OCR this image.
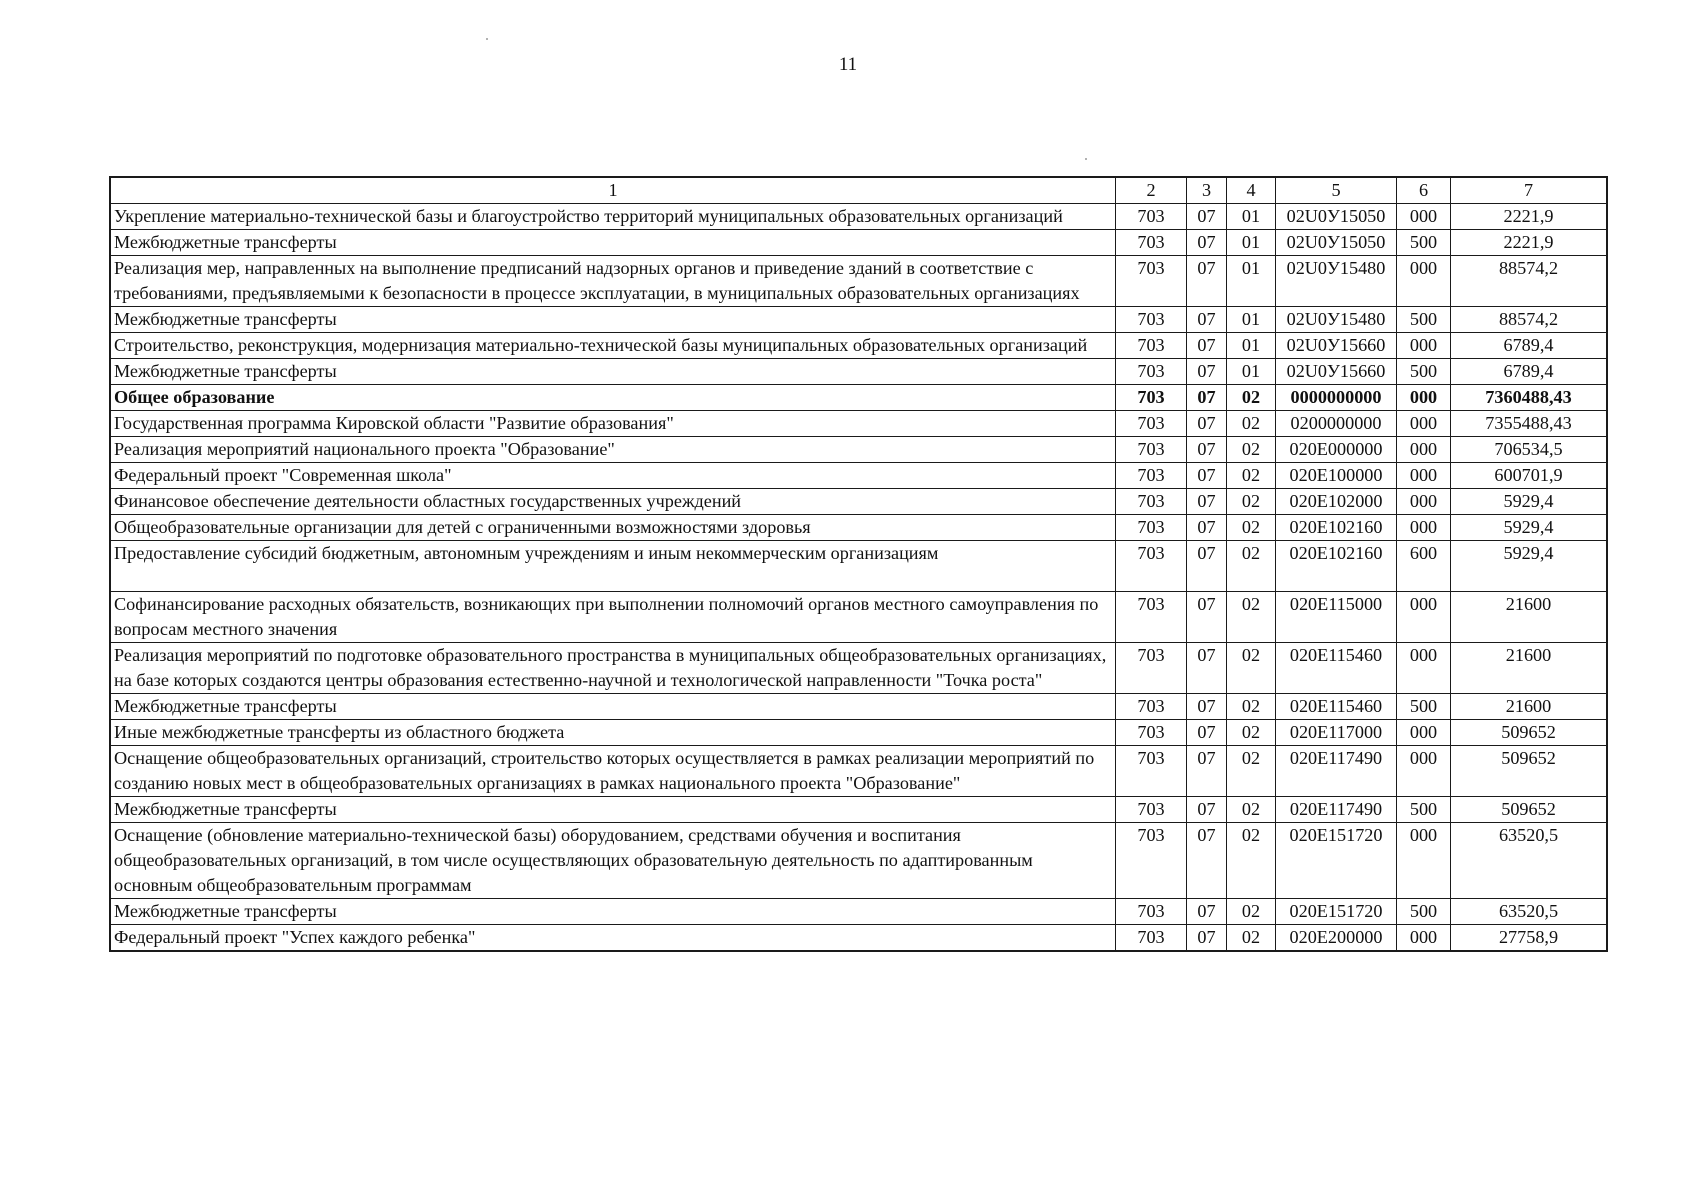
11
1	2	3	4	5	6	7
Укрепление материально-технической базы и благоустройство территорий муниципальных образовательных организаций	703	07	01	02U0У15050	000	2221,9
Межбюджетные трансферты	703	07	01	02U0У15050	500	2221,9
Реализация мер, направленных на выполнение предписаний надзорных органов и приведение зданий в соответствие с требованиями, предъявляемыми к безопасности в процессе эксплуатации, в муниципальных образовательных организациях	703	07	01	02U0У15480	000	88574,2
Межбюджетные трансферты	703	07	01	02U0У15480	500	88574,2
Строительство, реконструкция, модернизация материально-технической базы муниципальных образовательных организаций	703	07	01	02U0У15660	000	6789,4
Межбюджетные трансферты	703	07	01	02U0У15660	500	6789,4
Общее образование	703	07	02	0000000000	000	7360488,43
Государственная программа Кировской области "Развитие образования"	703	07	02	0200000000	000	7355488,43
Реализация мероприятий национального проекта "Образование"	703	07	02	020E000000	000	706534,5
Федеральный проект "Современная школа"	703	07	02	020E100000	000	600701,9
Финансовое обеспечение деятельности областных государственных учреждений	703	07	02	020E102000	000	5929,4
Общеобразовательные организации для детей с ограниченными возможностями здоровья	703	07	02	020E102160	000	5929,4
Предоставление субсидий бюджетным, автономным учреждениям и иным некоммерческим организациям	703	07	02	020E102160	600	5929,4
Софинансирование расходных обязательств, возникающих при выполнении полномочий органов местного самоуправления по вопросам местного значения	703	07	02	020E115000	000	21600
Реализация мероприятий по подготовке образовательного пространства в муниципальных общеобразовательных организациях, на базе которых создаются центры образования естественно-научной и технологической направленности "Точка роста"	703	07	02	020E115460	000	21600
Межбюджетные трансферты	703	07	02	020E115460	500	21600
Иные межбюджетные трансферты из областного бюджета	703	07	02	020E117000	000	509652
Оснащение общеобразовательных организаций, строительство которых осуществляется в рамках реализации мероприятий по созданию новых мест в общеобразовательных организациях в рамках национального проекта "Образование"	703	07	02	020E117490	000	509652
Межбюджетные трансферты	703	07	02	020E117490	500	509652
Оснащение (обновление материально-технической базы) оборудованием, средствами обучения и воспитания общеобразовательных организаций, в том числе осуществляющих образовательную деятельность по адаптированным основным общеобразовательным программам	703	07	02	020E151720	000	63520,5
Межбюджетные трансферты	703	07	02	020E151720	500	63520,5
Федеральный проект "Успех каждого ребенка"	703	07	02	020E200000	000	27758,9
